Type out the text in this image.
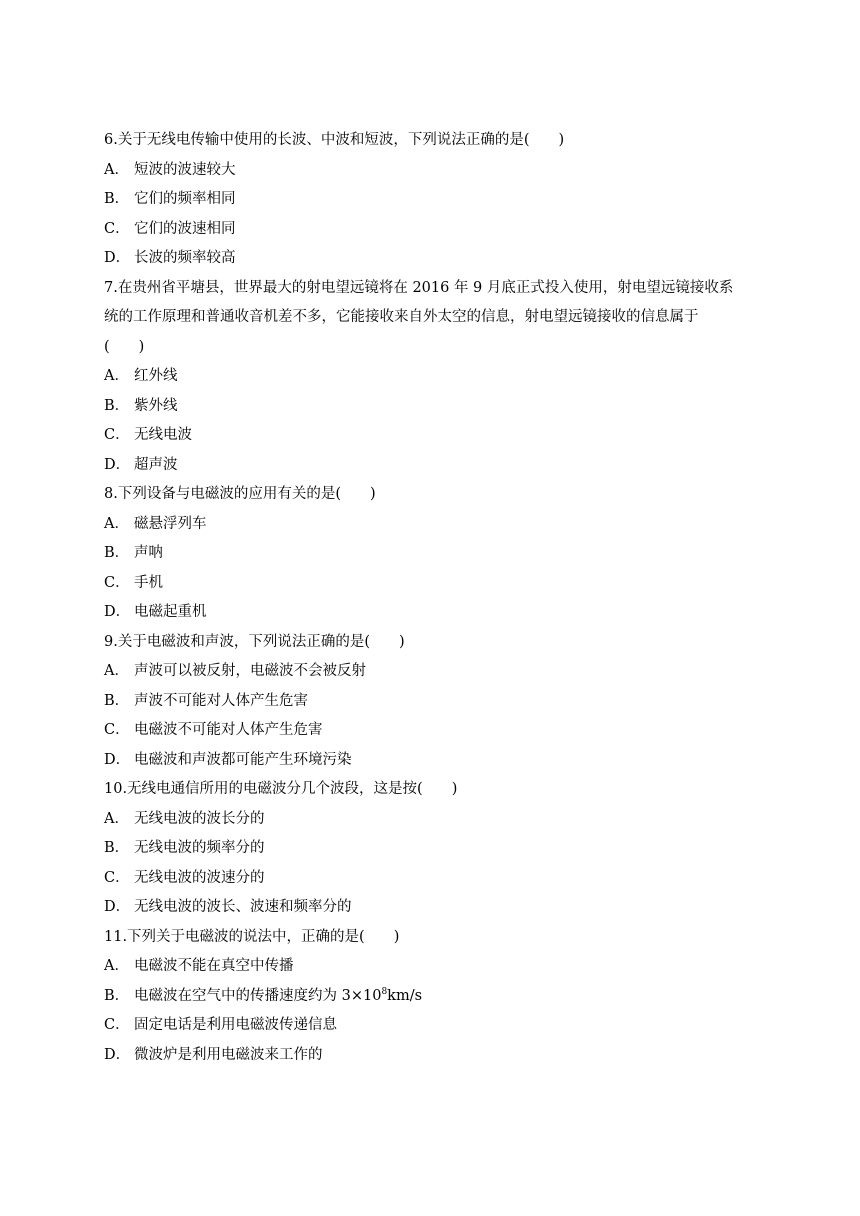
6.关于无线电传输中使用的长波、中波和短波，下列说法正确的是(　　)
A． 短波的波速较大
B． 它们的频率相同
C． 它们的波速相同
D． 长波的频率较高
7.在贵州省平塘县，世界最大的射电望远镜将在 2016 年 9 月底正式投入使用，射电望远镜接收系
统的工作原理和普通收音机差不多，它能接收来自外太空的信息，射电望远镜接收的信息属于
(　　)
A． 红外线
B． 紫外线
C． 无线电波
D． 超声波
8.下列设备与电磁波的应用有关的是(　　)
A． 磁悬浮列车
B． 声呐
C． 手机
D． 电磁起重机
9.关于电磁波和声波，下列说法正确的是(　　)
A． 声波可以被反射，电磁波不会被反射
B． 声波不可能对人体产生危害
C． 电磁波不可能对人体产生危害
D． 电磁波和声波都可能产生环境污染
10.无线电通信所用的电磁波分几个波段，这是按(　　)
A． 无线电波的波长分的
B． 无线电波的频率分的
C． 无线电波的波速分的
D． 无线电波的波长、波速和频率分的
11.下列关于电磁波的说法中，正确的是(　　)
A． 电磁波不能在真空中传播
B． 电磁波在空气中的传播速度约为 $3\times 10^8km/s$
C． 固定电话是利用电磁波传递信息
D． 微波炉是利用电磁波来工作的
